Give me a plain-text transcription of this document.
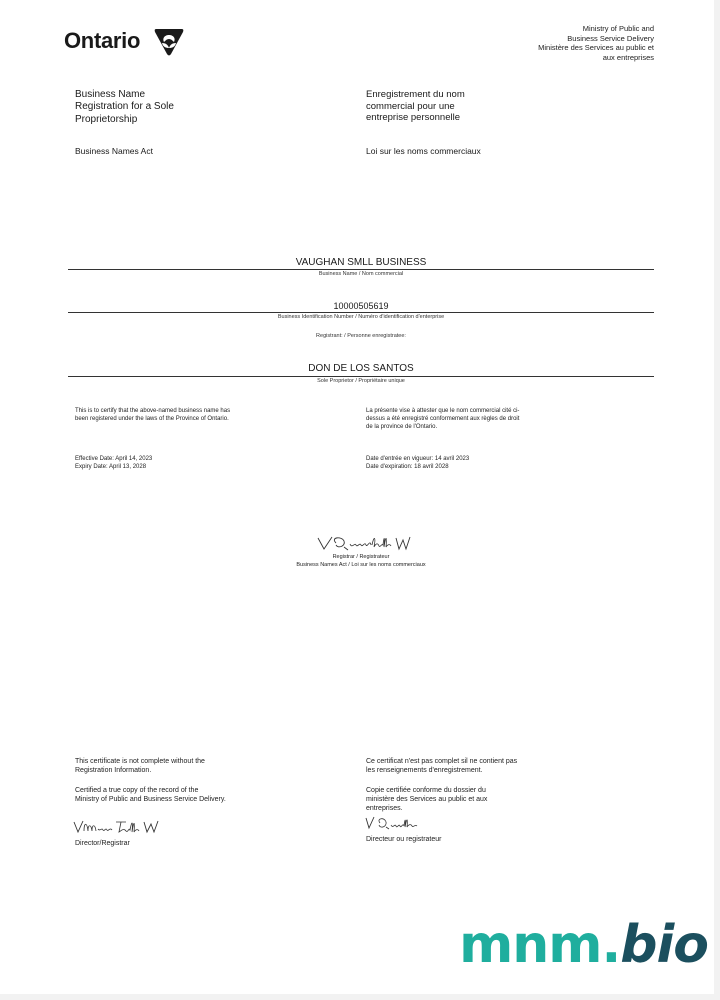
Ontario	Ministry of Public and
Business Service Delivery
Ministère des Services au public et
aux entreprises
Business Name
Registration for a Sole
Proprietorship
Enregistrement du nom
commercial pour une
entreprise personnelle
Business Names Act	Loi sur les noms commerciaux
VAUGHAN SMLL BUSINESS
Business Name / Nom commercial
10000505619
Business Identification Number / Numéro d'identification d'enterprise
Registrant: / Personne enregistratee:
DON DE LOS SANTOS
Sole Proprietor / Propriétaire unique
This is to certify that the above-named business name has
been registered under the laws of the Province of Ontario.
La présente vise à attester que le nom commercial cité ci-
dessus a été enregistré conformement aux règles de droit
de la province de l'Ontario.
Effective Date: April 14, 2023
Expiry Date: April 13, 2028
Date d'entrée en vigueur: 14 avril 2023
Date d'expiration: 18 avril 2028
Registrar / Registrateur
Business Names Act / Loi sur les noms commerciaux
This certificate is not complete without the
Registration Information.
Ce certificat n'est pas complet sil ne contient pas
les renseignements d'enregistrement.
Certified a true copy of the record of the
Ministry of Public and Business Service Delivery.
Copie certifiée conforme du dossier du
ministère des Services au public et aux
entreprises.
Director/Registrar
Directeur ou registrateur
mnm.bio
